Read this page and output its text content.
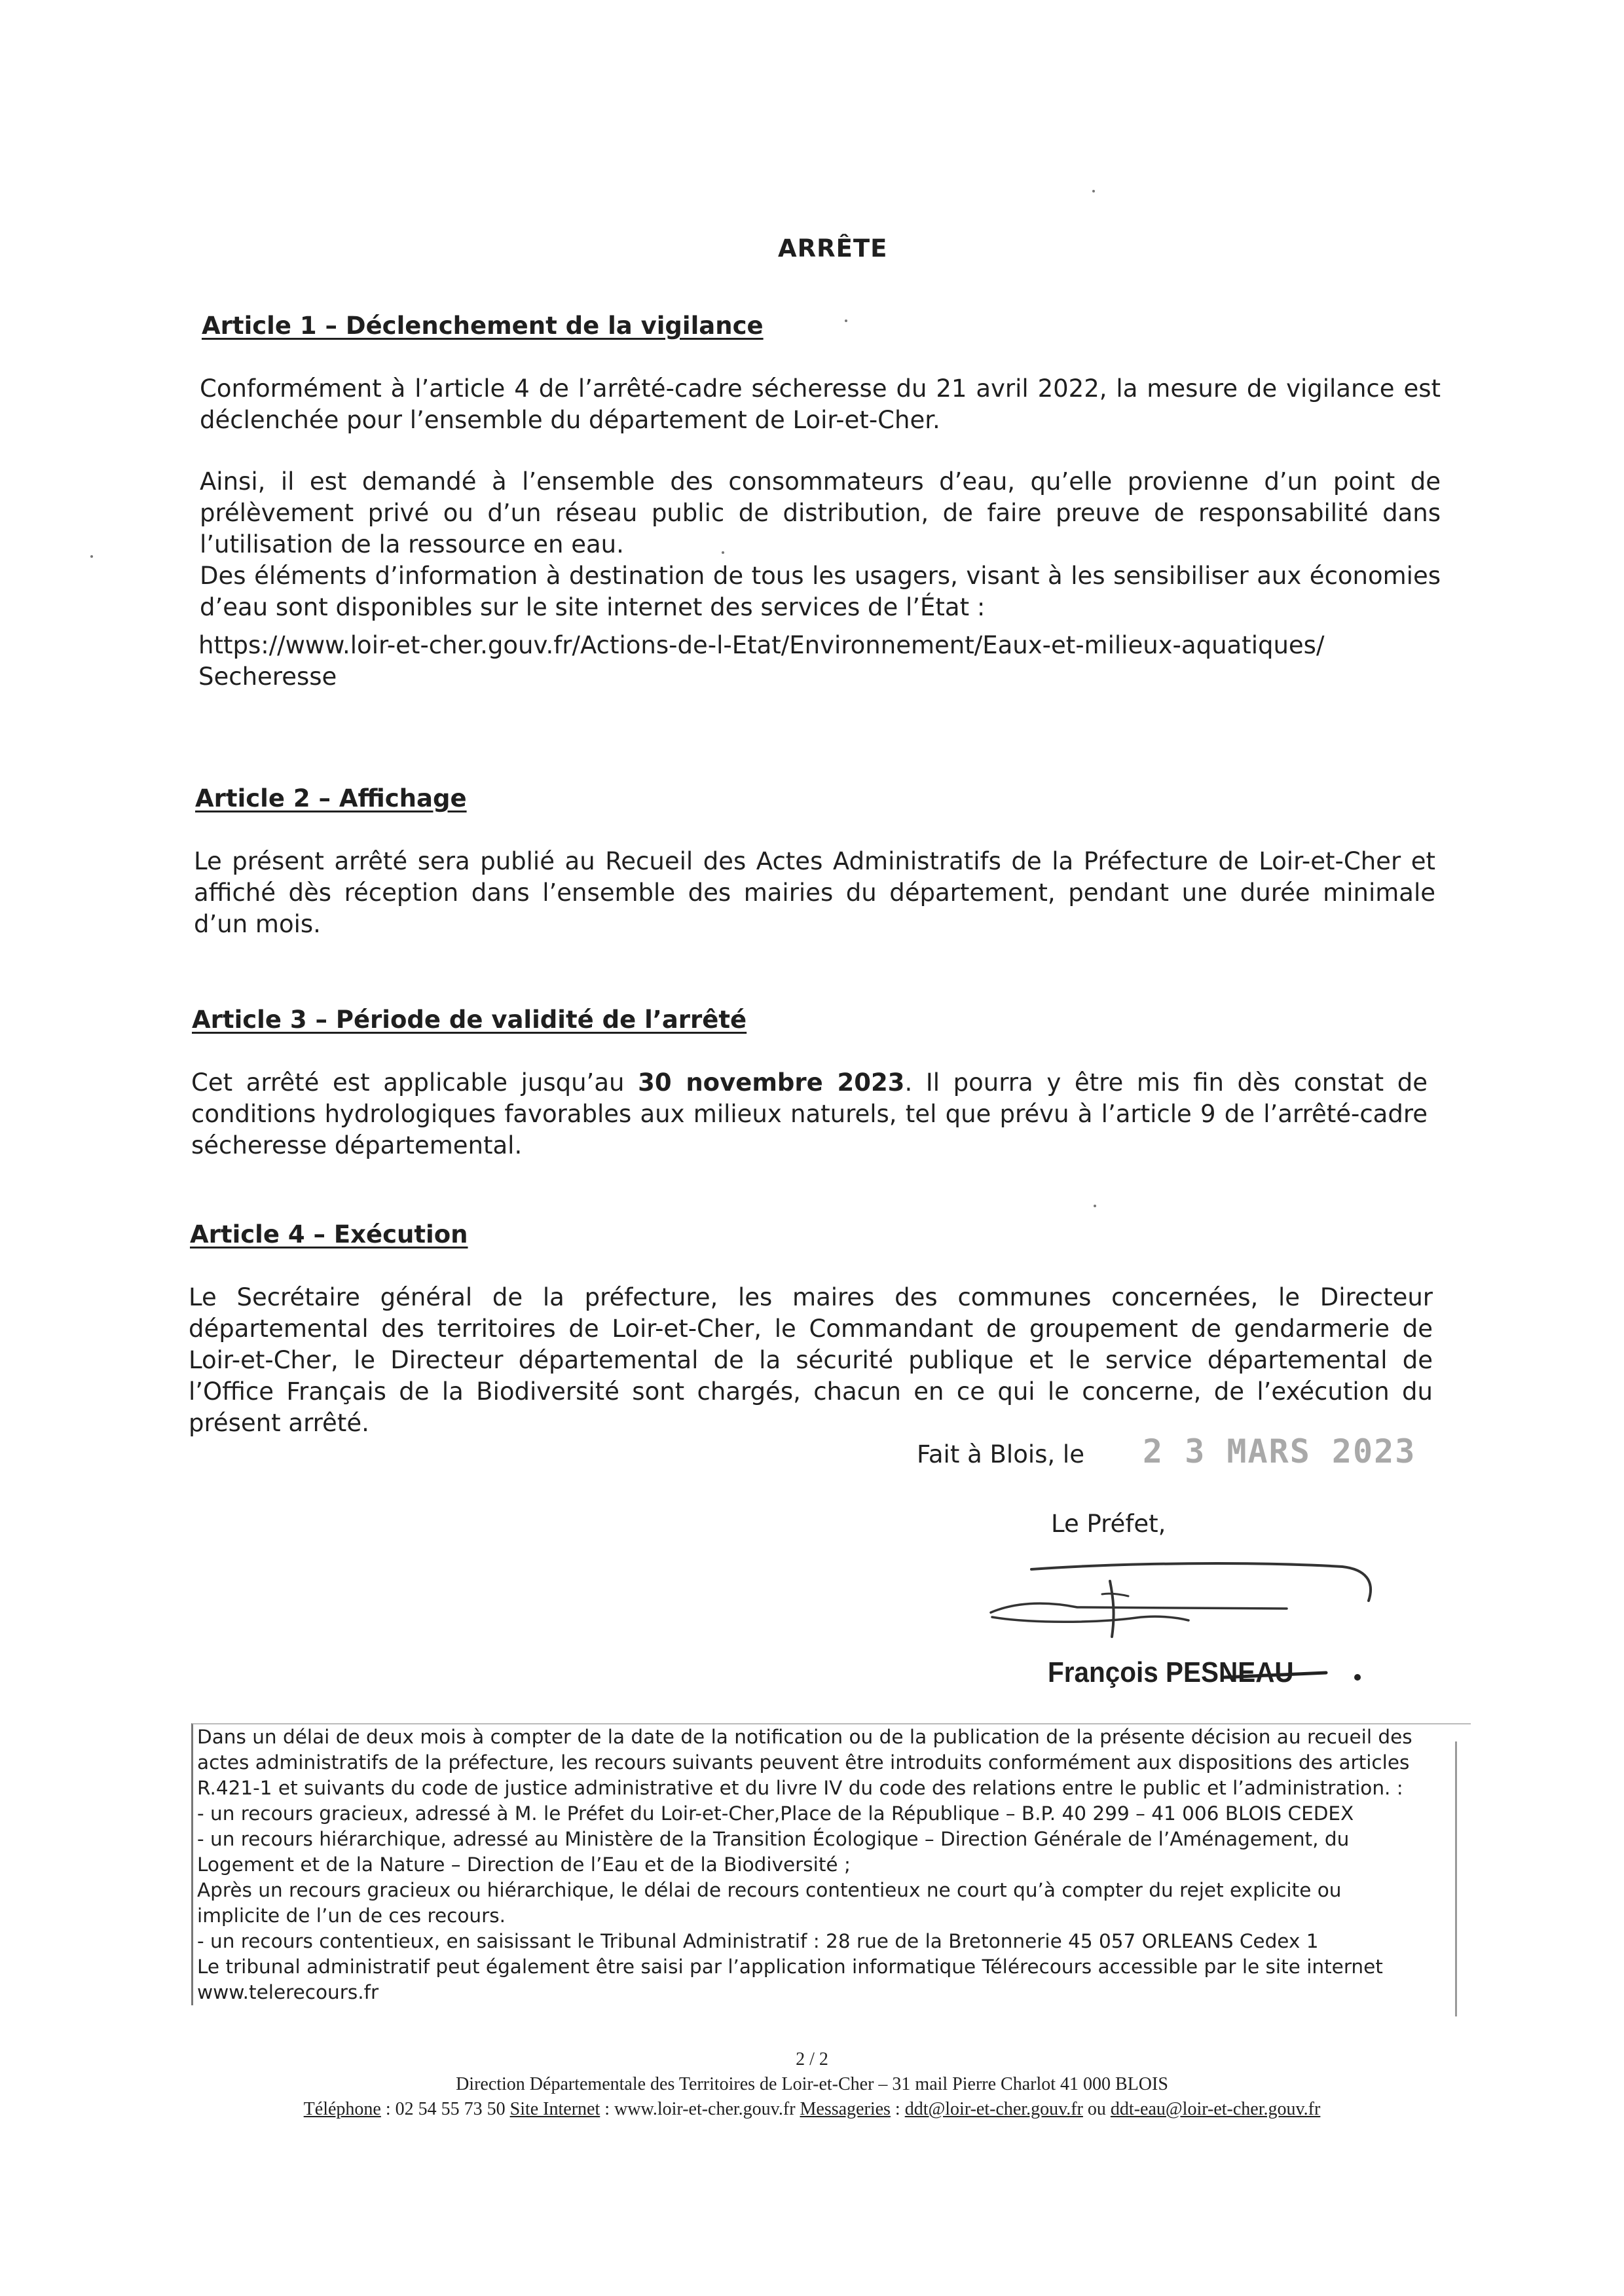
ARRÊTE
Article 1 – Déclenchement de la vigilance

Conformément à l’article 4 de l’arrêté-cadre sécheresse du 21 avril 2022, la mesure de vigilance est déclenchée pour l’ensemble du département de Loir-et-Cher.

Ainsi, il est demandé à l’ensemble des consommateurs d’eau, qu’elle provienne d’un point de prélèvement privé ou d’un réseau public de distribution, de faire preuve de responsabilité dans l’utilisation de la ressource en eau.

Des éléments d’information à destination de tous les usagers, visant à les sensibiliser aux économies d’eau sont disponibles sur le site internet des services de l’État :

https://www.loir-et-cher.gouv.fr/Actions-de-l-Etat/Environnement/Eaux-et-milieux-aquatiques/
Secheresse
Article 2 – Affichage

Le présent arrêté sera publié au Recueil des Actes Administratifs de la Préfecture de Loir-et-Cher et affiché dès réception dans l’ensemble des mairies du département, pendant une durée minimale d’un mois.

Article 3 – Période de validité de l’arrêté

Cet arrêté est applicable jusqu’au 30 novembre 2023. Il pourra y être mis fin dès constat de conditions hydrologiques favorables aux milieux naturels, tel que prévu à l’article 9 de l’arrêté-cadre sécheresse départemental.

Article 4 – Exécution

Le Secrétaire général de la préfecture, les maires des communes concernées, le Directeur départemental des territoires de Loir-et-Cher, le Commandant de groupement de gendarmerie de Loir-et-Cher, le Directeur départemental de la sécurité publique et le service départemental de l’Office Français de la Biodiversité sont chargés, chacun en ce qui le concerne, de l’exécution du présent arrêté.

Fait à Blois, le 2 3 MARS 2023
Le Préfet,
François PESNEAU
Dans un délai de deux mois à compter de la date de la notification ou de la publication de la présente décision au recueil des
actes administratifs de la préfecture, les recours suivants peuvent être introduits conformément aux dispositions des articles
R.421-1 et suivants du code de justice administrative et du livre IV du code des relations entre le public et l’administration. :
- un recours gracieux, adressé à M. le Préfet du Loir-et-Cher,Place de la République – B.P. 40 299 – 41 006 BLOIS CEDEX
- un recours hiérarchique, adressé au Ministère de la Transition Écologique – Direction Générale de l’Aménagement, du
Logement et de la Nature – Direction de l’Eau et de la Biodiversité ;
Après un recours gracieux ou hiérarchique, le délai de recours contentieux ne court qu’à compter du rejet explicite ou
implicite de l’un de ces recours.
- un recours contentieux, en saisissant le Tribunal Administratif : 28 rue de la Bretonnerie 45 057 ORLEANS Cedex 1
Le tribunal administratif peut également être saisi par l’application informatique Télérecours accessible par le site internet
www.telerecours.fr
2 / 2
Direction Départementale des Territoires de Loir-et-Cher – 31 mail Pierre Charlot 41 000 BLOIS
Téléphone : 02 54 55 73 50 Site Internet : www.loir-et-cher.gouv.fr Messageries : ddt@loir-et-cher.gouv.fr ou ddt-eau@loir-et-cher.gouv.fr
